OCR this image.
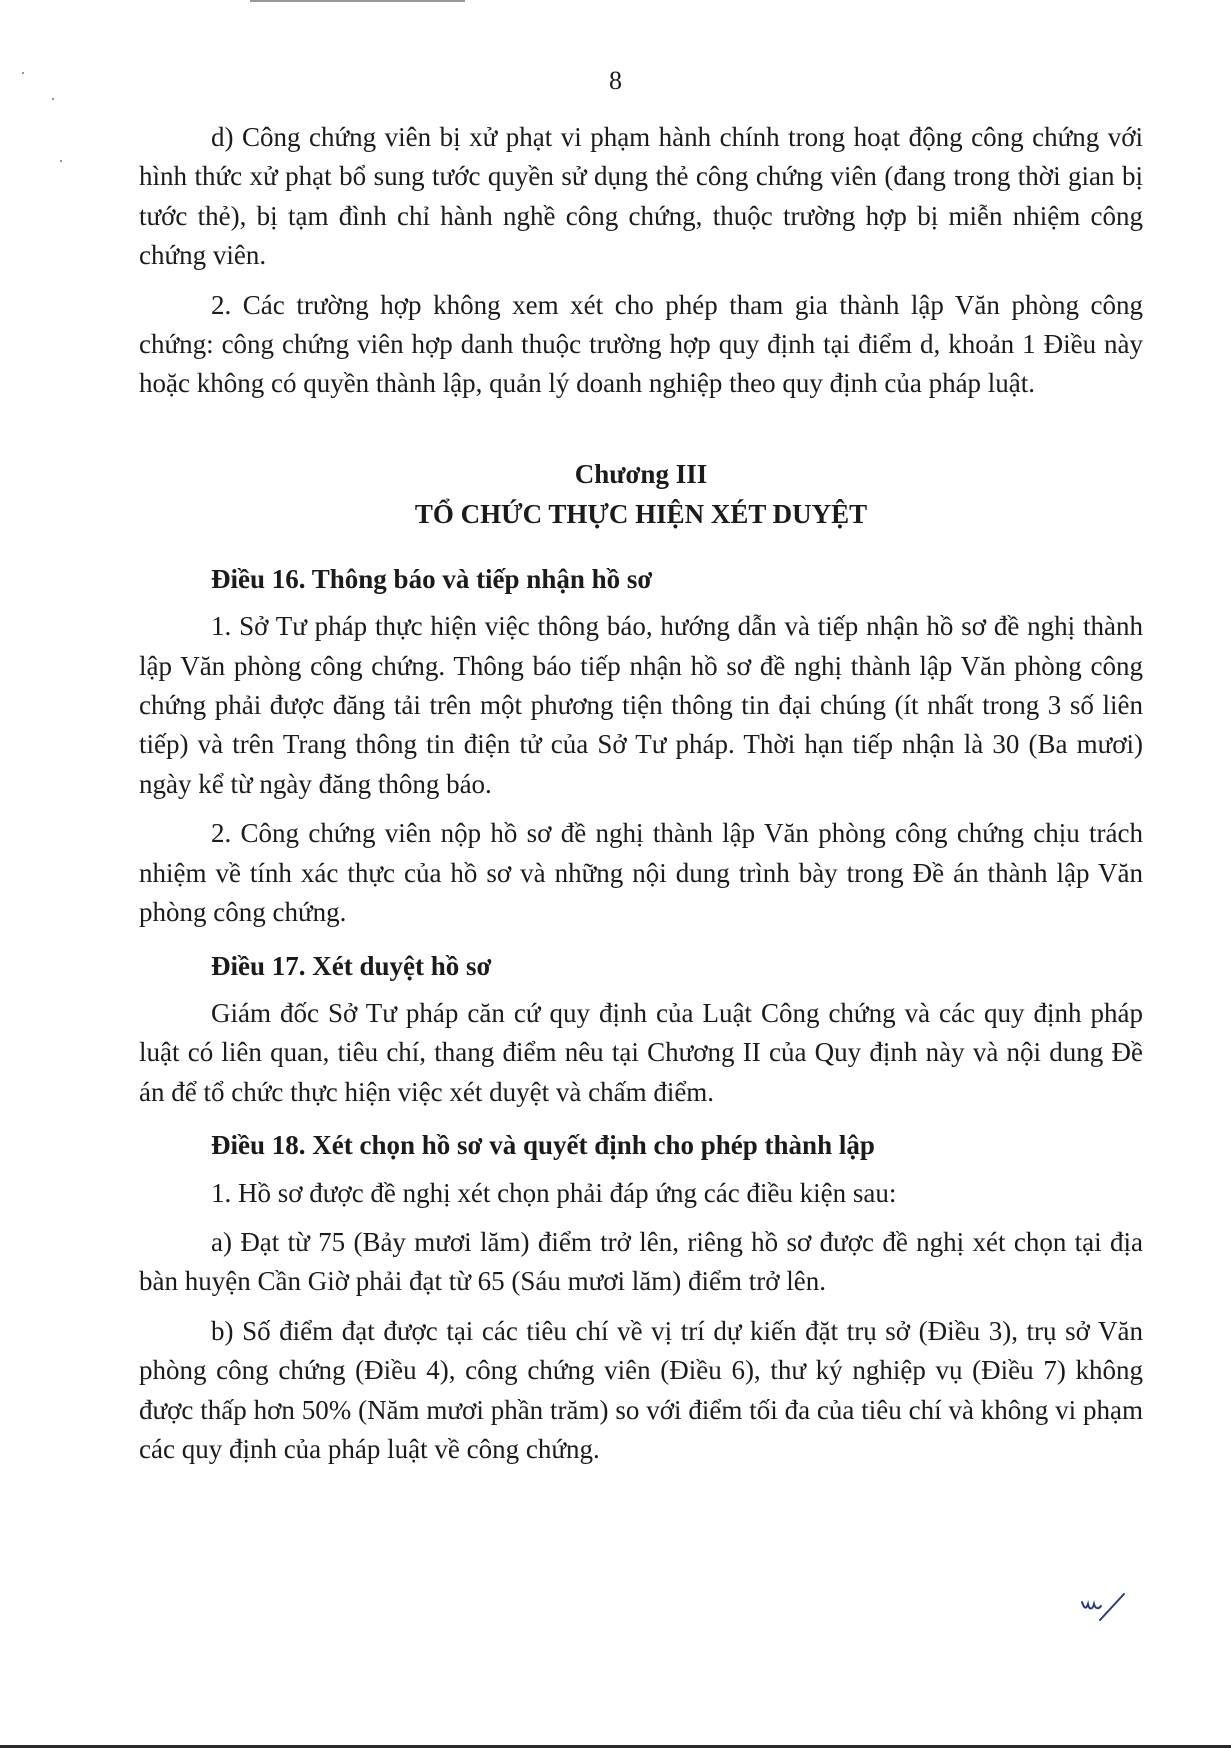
8

d) Công chứng viên bị xử phạt vi phạm hành chính trong hoạt động công chứng với hình thức xử phạt bổ sung tước quyền sử dụng thẻ công chứng viên (đang trong thời gian bị tước thẻ), bị tạm đình chỉ hành nghề công chứng, thuộc trường hợp bị miễn nhiệm công chứng viên.

2. Các trường hợp không xem xét cho phép tham gia thành lập Văn phòng công chứng: công chứng viên hợp danh thuộc trường hợp quy định tại điểm d, khoản 1 Điều này hoặc không có quyền thành lập, quản lý doanh nghiệp theo quy định của pháp luật.

Chương III

TỔ CHỨC THỰC HIỆN XÉT DUYỆT

Điều 16. Thông báo và tiếp nhận hồ sơ

1. Sở Tư pháp thực hiện việc thông báo, hướng dẫn và tiếp nhận hồ sơ đề nghị thành lập Văn phòng công chứng. Thông báo tiếp nhận hồ sơ đề nghị thành lập Văn phòng công chứng phải được đăng tải trên một phương tiện thông tin đại chúng (ít nhất trong 3 số liên tiếp) và trên Trang thông tin điện tử của Sở Tư pháp. Thời hạn tiếp nhận là 30 (Ba mươi) ngày kể từ ngày đăng thông báo.

2. Công chứng viên nộp hồ sơ đề nghị thành lập Văn phòng công chứng chịu trách nhiệm về tính xác thực của hồ sơ và những nội dung trình bày trong Đề án thành lập Văn phòng công chứng.

Điều 17. Xét duyệt hồ sơ

Giám đốc Sở Tư pháp căn cứ quy định của Luật Công chứng và các quy định pháp luật có liên quan, tiêu chí, thang điểm nêu tại Chương II của Quy định này và nội dung Đề án để tổ chức thực hiện việc xét duyệt và chấm điểm.

Điều 18. Xét chọn hồ sơ và quyết định cho phép thành lập

1. Hồ sơ được đề nghị xét chọn phải đáp ứng các điều kiện sau:

a) Đạt từ 75 (Bảy mươi lăm) điểm trở lên, riêng hồ sơ được đề nghị xét chọn tại địa bàn huyện Cần Giờ phải đạt từ 65 (Sáu mươi lăm) điểm trở lên.

b) Số điểm đạt được tại các tiêu chí về vị trí dự kiến đặt trụ sở (Điều 3), trụ sở Văn phòng công chứng (Điều 4), công chứng viên (Điều 6), thư ký nghiệp vụ (Điều 7) không được thấp hơn 50% (Năm mươi phần trăm) so với điểm tối đa của tiêu chí và không vi phạm các quy định của pháp luật về công chứng.
